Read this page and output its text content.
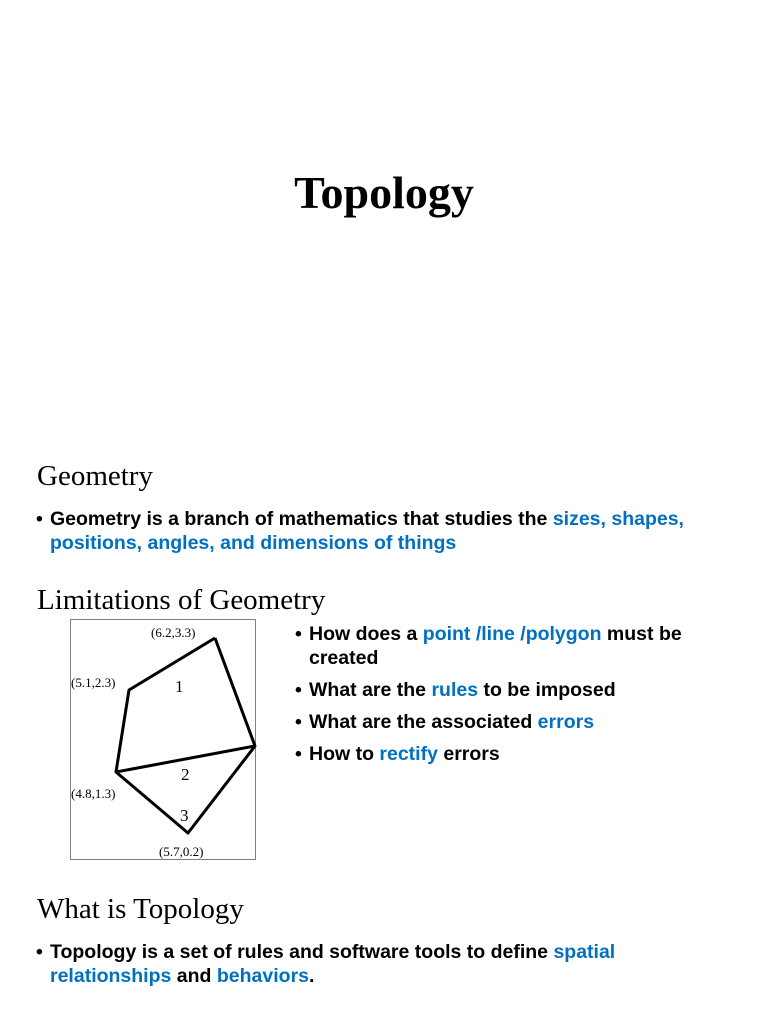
Topology
Geometry
• Geometry is a branch of mathematics that studies the sizes, shapes, positions, angles, and dimensions of things
Limitations of Geometry
(6.2,3.3)
(5.1,2.3)
(4.8,1.3)
(5.7,0.2)
1
2
3
• How does a point /line /polygon must be created
• What are the rules to be imposed
• What are the associated errors
• How to rectify errors
What is Topology
• Topology is a set of rules and software tools to define spatial relationships and behaviors.
